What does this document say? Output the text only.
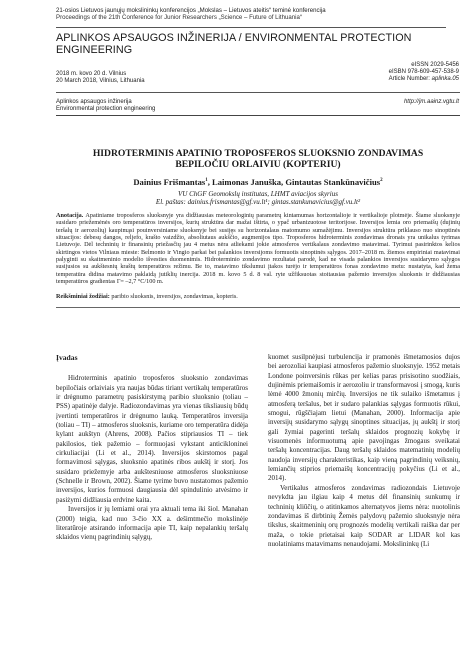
21-osios Lietuvos jaunųjų mokslininkų konferencijos „Mokslas – Lietuvos ateitis“ teminė konferencija
Proceedings of the 21th Conference for Junior Researchers „Science – Future of Lithuania“
APLINKOS APSAUGOS INŽINERIJA / ENVIRONMENTAL PROTECTION
ENGINEERING
2018 m. kovo 20 d. Vilnius
20 March 2018, Vilnius, Lithuania
eISSN 2029-5456
eISBN 978-609-457-538-9
Article Number: aplinka.05
Aplinkos apsaugos inžinerija
Environmental protection engineering
http://jm.aainz.vgtu.lt
HIDROTERMINIS APATINIO TROPOSFEROS SLUOKSNIO ZONDAVIMAS
BEPILOČIU ORLAIVIU (KOPTERIU)
Dainius Frišmantas$^1$, Laimonas Januška, Gintautas Stankūnavičius$^2$
VU ChGF Geomokslų institutas, LHMT aviacijos skyrius
El. paštas: dainius.frismantas@gf.vu.lt¹; gintas.stankunavicius@gf.vu.lt²
Anotacija. Apatiniame troposferos sluoksnyje yra didžiausias meteorologinių parametrų kintamumas horizontalioje ir vertikalioje plotmėje. Šiame sluoksnyje susidaro priežemėnės oro temperatūros inversijos, kurių struktūra dar mažai ištirta, o ypač urbanizuotose teritorijose. Inversijos lemia oro priemaišų (dujinių teršalų ir aerozolių) kaupimąsi pouinversiniame sluoksnyje bei susijęs su horizontalaus matomumo sumažėjimu. Inversijos struktūra priklauso nuo sinoptinės situacijos: debesų dangos, reljefo, krašto vaizdžio, absoliutaus aukščio, augmenijos tipo. Troposferos hidroterminis zondavimas dronais yra unikalus tyrimas Lietuvoje. Dėl techninių ir finansinių priežasčių jau 4 metus nėra atliekami jokie atmosferos vertikalaus zondavimo matavimai. Tyrimui pasirinktos kelios skirtingos vietos Vilniaus mieste: Belmonto ir Vingio parkai bei palankios inversijoms formuotis sinoptinės sąlygos. 2017–2018 m. žiemos empiriniai matavimai palyginti su skaitmeninio modelio išvesties duomenimis. Hidroterminio zondavimo rezultatai parodė, kad ne visada palankios inversijos susidarymo sąlygos susijusios su aukštesnių kraštų temperatūros režimu. Be to, matavimo tikslumui įtakos turėjo ir temperatūros fonas zondavimo metu: nustatyta, kad žema temperatūra didina matavimo paklaidą jutiklių inercija. 2018 m. kovo 5 d. 8 val. ryte užfiksuotas stoitausias pažemio inversijos sluoksnis ir didžiausias temperatūros gradientas Γ= –2,7 °C/100 m.
Reikšminiai žodžiai: paribio sluoksnis, inversijos, zondavimas, kopteris.
Įvadas

Hidroterminis apatinio troposferos sluoksnio zondavimas bepiločiais orlaiviais yra naujas būdas tiriant vertikalų temperatūros ir drėgnumo parametrų pasiskirstymą paribio sluoksnio (toliau – PSS) apatinėje dalyje. Radiozondavimas yra vienas tiksliausių būdų įvertinti temperatūros ir drėgnumo lauką. Temperatūros inversija (toliau – TI) – atmosferos sluoksnis, kuriame oro temperatūra didėja kylant aukštyn (Ahrens, 2008). Pačios stipriausios TI – tiek pakilosios, tiek pažemio – formuojasi vykstant anticikloninei cirkuliacijai (Li et al., 2014). Inversijos skirstomos pagal formavimosi sąlygas, sluoksnio apatinės ribos aukštį ir storį. Jos susidaro priežemyje arba aukštesniuose atmosferos sluoksniuose (Schnelle ir Brown, 2002). Šiame tyrime buvo nustatomos pažemio inversijos, kurios formuosi daugiausia dėl spindulinio atvėsimo ir pasiżymi didžiausia erdvine kaita.

Inversijos ir jų lemiami orai yra aktuali tema iki šiol. Manahan (2000) teigia, kad nuo 3-čio XX a. dešimtmečio mokslinėje literatūroje atsirando informacija apie TI, kaip nepalankių teršalų sklaidos vienų pagrindinių sąlygų,

kuomet susilpnėjusi turbulencija ir pramonės išmetamosios dujos bei aerozoliai kaupiasi atmosferos pažemio sluoksnyje. 1952 metais Londone poinversinis rūkas per kelias paras prisisotino suodžiais, dujinėmis priemaišomis ir aerozoliu ir transformavosi į smogą, kuris lėmė 4000 žmonių mirčių. Inversijos ne tik sulaiko išmetamus į atmosferą teršalus, bet ir sudaro palankias sąlygas formuotis rūkui, smogui, rūgščiajam lietui (Manahan, 2000). Informacija apie inversijų susidarymo sąlygų sinoptines situacijas, jų aukštį ir storį gali žymiai pagerinti teršalų sklaidos prognozių kokybę ir visuomenės informuotumą apie pavojingas žmogaus sveikatai teršalų koncentracijas. Daug teršalų sklaidos matematinių modelių naudoja inversijų charakteristikas, kaip vieną pagrindinių veiksnių, lemiančių stiprios priemaišų koncentracijų pokyčius (Li et al., 2014).

Vertikalus atmosferos zondavimas radiozondais Lietuvoje nevykdta jau ilgiau kaip 4 metus dėl finansinių sunkumų ir techninių kliūčių, o atitinkamos alternatyvos jiems nėra: nuotolinis zondavimas iš dirbtinių Žemės palydovų pažemio sluoksnyje nėra tikslus, skaitmeninių orų prognozės modelių vertikali raiška dar per maža, o tokie prietaisai kaip SODAR ar LIDAR kol kas nuolatiniams matavimams nenaudojami. Mokslininkų (Li
